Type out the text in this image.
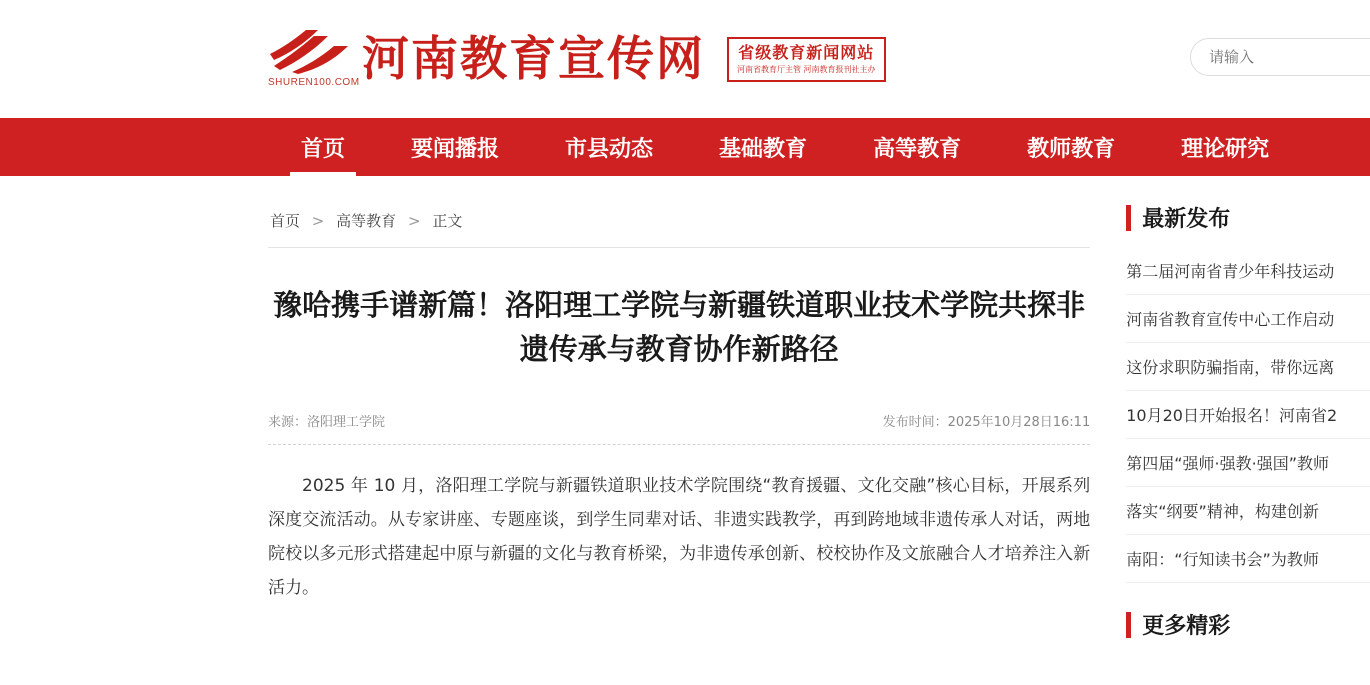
SHUREN100.COM 河南教育宣传网 省级教育新闻网站
河南省教育厅主管 河南教育报刊社主办
请输入
首页	要闻播报	市县动态	基础教育	高等教育	教师教育	理论研究
首页 > 高等教育 > 正文
豫哈携手谱新篇！洛阳理工学院与新疆铁道职业技术学院共探非遗传承与教育协作新路径
来源：洛阳理工学院	发布时间：2025年10月28日16:11

2025 年 10 月，洛阳理工学院与新疆铁道职业技术学院围绕“教育援疆、文化交融”核心目标，开展系列深度交流活动。从专家讲座、专题座谈，到学生同辈对话、非遗实践教学，再到跨地域非遗传承人对话，两地院校以多元形式搭建起中原与新疆的文化与教育桥梁，为非遗传承创新、校校协作及文旅融合人才培养注入新活力。

最新发布
第二届河南省青少年科技运动
河南省教育宣传中心工作启动
这份求职防骗指南，带你远离
10月20日开始报名！河南省2
第四届“强师·强教·强国”教师
落实“纲要”精神，构建创新
南阳：“行知读书会”为教师
更多精彩
